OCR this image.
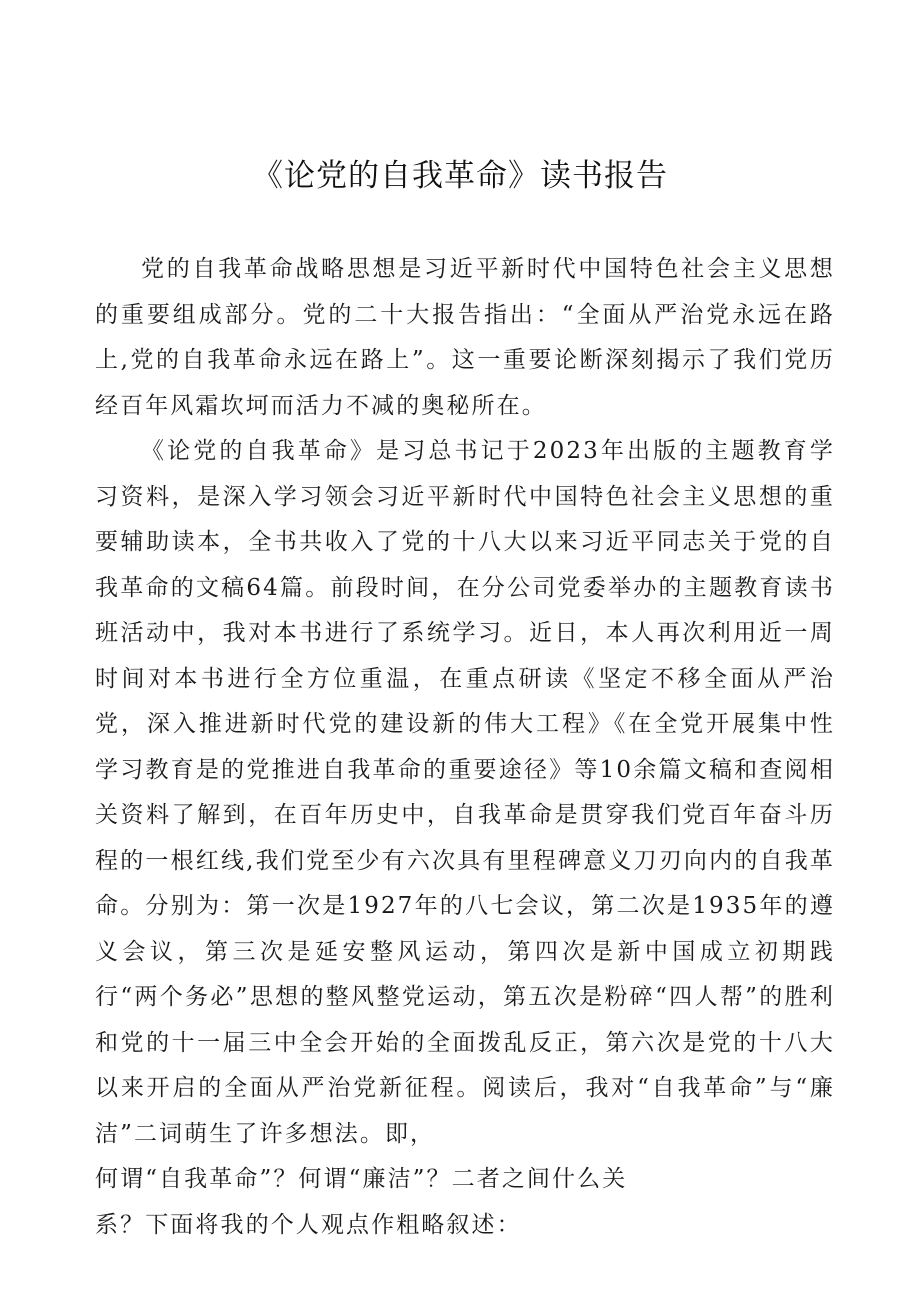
《论党的自我革命》读书报告

党的自我革命战略思想是习近平新时代中国特色社会主义思想的重要组成部分。党的二十大报告指出：“全面从严治党永远在路上,党的自我革命永远在路上”。这一重要论断深刻揭示了我们党历经百年风霜坎坷而活力不减的奥秘所在。

《论党的自我革命》是习总书记于2023年出版的主题教育学习资料，是深入学习领会习近平新时代中国特色社会主义思想的重要辅助读本，全书共收入了党的十八大以来习近平同志关于党的自我革命的文稿64篇。前段时间，在分公司党委举办的主题教育读书班活动中，我对本书进行了系统学习。近日，本人再次利用近一周时间对本书进行全方位重温，在重点研读《坚定不移全面从严治党，深入推进新时代党的建设新的伟大工程》《在全党开展集中性学习教育是的党推进自我革命的重要途径》等10余篇文稿和查阅相关资料了解到，在百年历史中，自我革命是贯穿我们党百年奋斗历程的一根红线,我们党至少有六次具有里程碑意义刀刃向内的自我革命。分别为：第一次是1927年的八七会议，第二次是1935年的遵义会议，第三次是延安整风运动，第四次是新中国成立初期践行“两个务必”思想的整风整党运动，第五次是粉碎“四人帮”的胜利和党的十一届三中全会开始的全面拨乱反正，第六次是党的十八大以来开启的全面从严治党新征程。阅读后，我对“自我革命”与“廉洁”二词萌生了许多想法。即，

何谓“自我革命”？何谓“廉洁”？二者之间什么关
系？下面将我的个人观点作粗略叙述：
